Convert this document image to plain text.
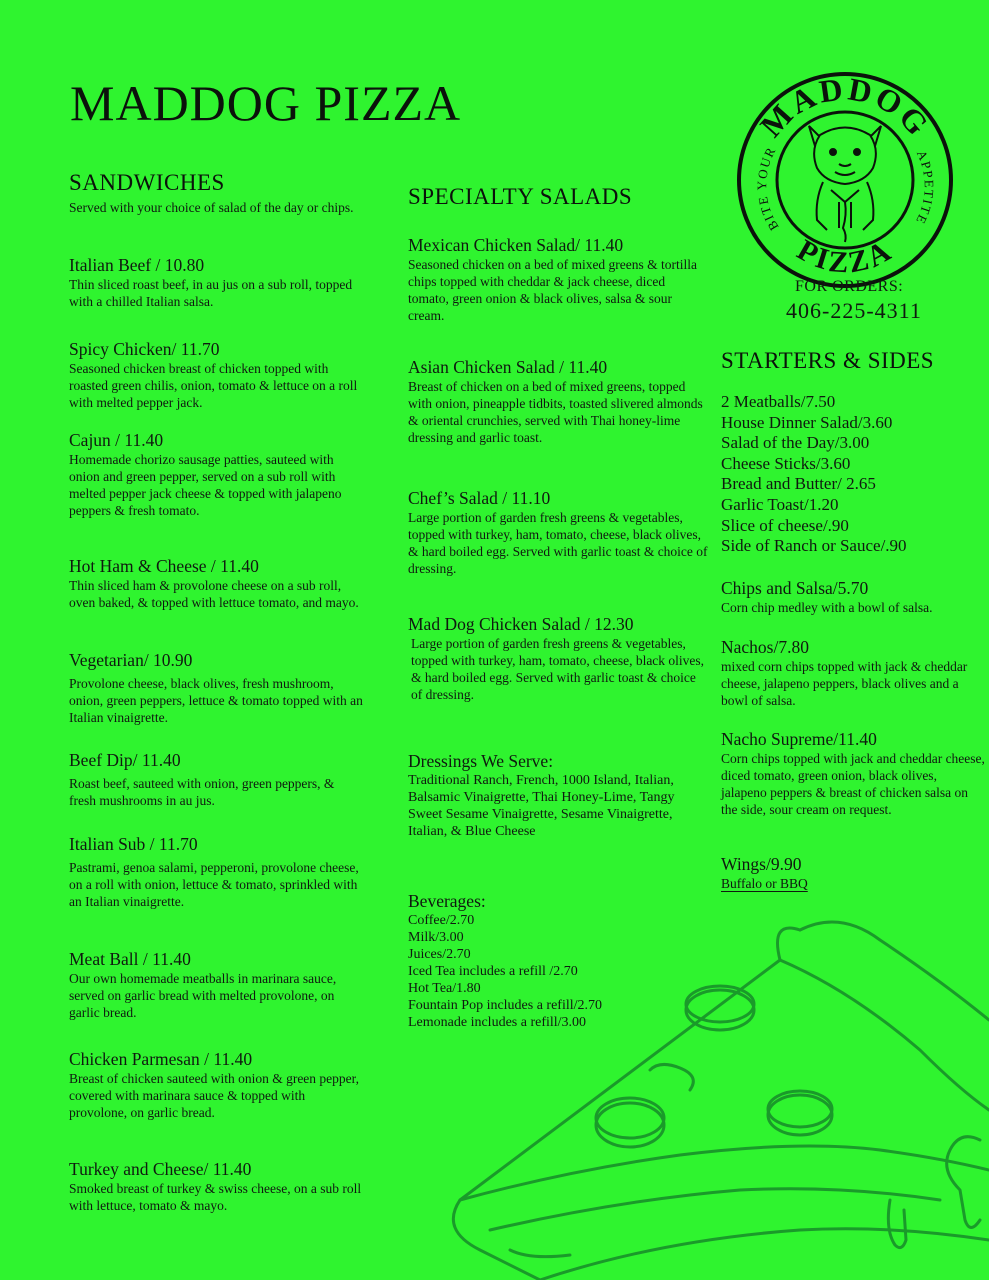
MADDOG PIZZA	MADDOG
PIZZA
BITE YOUR	APPETITE
FOR ORDERS:
406-225-4311
SANDWICHES

Served with your choice of salad of the day or chips.

Italian Beef / 10.80
Thin sliced roast beef, in au jus on a sub roll, topped with a chilled Italian salsa.
Spicy Chicken/ 11.70
Seasoned chicken breast of chicken topped with roasted green chilis, onion, tomato & lettuce on a roll with melted pepper jack.
Cajun / 11.40
Homemade chorizo sausage patties, sauteed with onion and green pepper, served on a sub roll with melted pepper jack cheese & topped with jalapeno peppers & fresh tomato.
Hot Ham & Cheese / 11.40
Thin sliced ham & provolone cheese on a sub roll, oven baked, & topped with lettuce tomato, and mayo.
Vegetarian/ 10.90
Provolone cheese, black olives, fresh mushroom, onion, green peppers, lettuce & tomato topped with an Italian vinaigrette.
Beef Dip/ 11.40
Roast beef, sauteed with onion, green peppers, & fresh mushrooms in au jus.
Italian Sub / 11.70
Pastrami, genoa salami, pepperoni, provolone cheese, on a roll with onion, lettuce & tomato, sprinkled with an Italian vinaigrette.
Meat Ball / 11.40
Our own homemade meatballs in marinara sauce, served on garlic bread with melted provolone, on garlic bread.
Chicken Parmesan / 11.40
Breast of chicken sauteed with onion & green pepper, covered with marinara sauce & topped with provolone, on garlic bread.
Turkey and Cheese/ 11.40
Smoked breast of turkey & swiss cheese, on a sub roll with lettuce, tomato & mayo.
SPECIALTY SALADS
Mexican Chicken Salad/ 11.40
Seasoned chicken on a bed of mixed greens & tortilla chips topped with cheddar & jack cheese, diced tomato, green onion & black olives, salsa & sour cream.
Asian Chicken Salad / 11.40
Breast of chicken on a bed of mixed greens, topped with onion, pineapple tidbits, toasted slivered almonds & oriental crunchies, served with Thai honey-lime dressing and garlic toast.
Chef’s Salad / 11.10
Large portion of garden fresh greens & vegetables, topped with turkey, ham, tomato, cheese, black olives, & hard boiled egg. Served with garlic toast & choice of dressing.
Mad Dog Chicken Salad / 12.30
Large portion of garden fresh greens & vegetables, topped with turkey, ham, tomato, cheese, black olives, & hard boiled egg. Served with garlic toast & choice of dressing.
Dressings We Serve:
Traditional Ranch, French, 1000 Island, Italian, Balsamic Vinaigrette, Thai Honey-Lime, Tangy Sweet Sesame Vinaigrette, Sesame Vinaigrette, Italian, & Blue Cheese
Beverages:
Coffee/2.70
Milk/3.00
Juices/2.70
Iced Tea includes a refill /2.70
Hot Tea/1.80
Fountain Pop includes a refill/2.70
Lemonade includes a refill/3.00
STARTERS & SIDES
2 Meatballs/7.50
House Dinner Salad/3.60
Salad of the Day/3.00
Cheese Sticks/3.60
Bread and Butter/ 2.65
Garlic Toast/1.20
Slice of cheese/.90
Side of Ranch or Sauce/.90
Chips and Salsa/5.70
Corn chip medley with a bowl of salsa.
Nachos/7.80
mixed corn chips topped with jack & cheddar cheese, jalapeno peppers, black olives and a bowl of salsa.
Nacho Supreme/11.40
Corn chips topped with jack and cheddar cheese, diced tomato, green onion, black olives, jalapeno peppers & breast of chicken salsa on the side, sour cream on request.
Wings/9.90
Buffalo or BBQ
